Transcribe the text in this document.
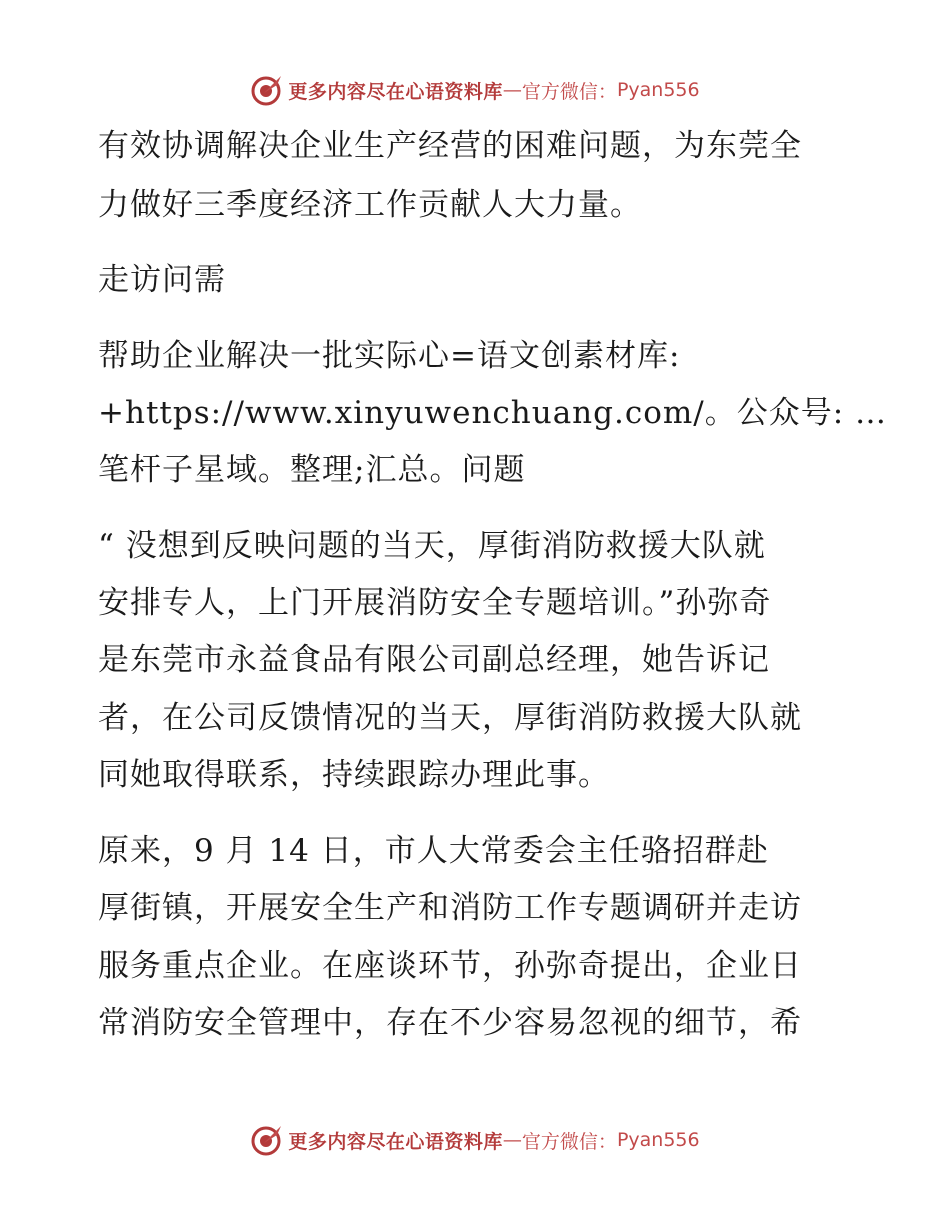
更多内容尽在心语资料库 — 官方微信： Pyan556
有效协调解决企业生产经营的困难问题，为东莞全
力做好三季度经济工作贡献人大力量。
走访问需
帮助企业解决一批实际心=语文创素材库:
+https://www.xinyuwenchuang.com/。公众号: …
笔杆子星域。整理;汇总。问题
“ 没想到反映问题的当天，厚街消防救援大队就
安排专人，上门开展消防安全专题培训。”孙弥奇
是东莞市永益食品有限公司副总经理，她告诉记
者，在公司反馈情况的当天，厚街消防救援大队就
同她取得联系，持续跟踪办理此事。
原来，9 月 14 日，市人大常委会主任骆招群赴
厚街镇，开展安全生产和消防工作专题调研并走访
服务重点企业。在座谈环节，孙弥奇提出，企业日
常消防安全管理中，存在不少容易忽视的细节，希
更多内容尽在心语资料库 — 官方微信： Pyan556
